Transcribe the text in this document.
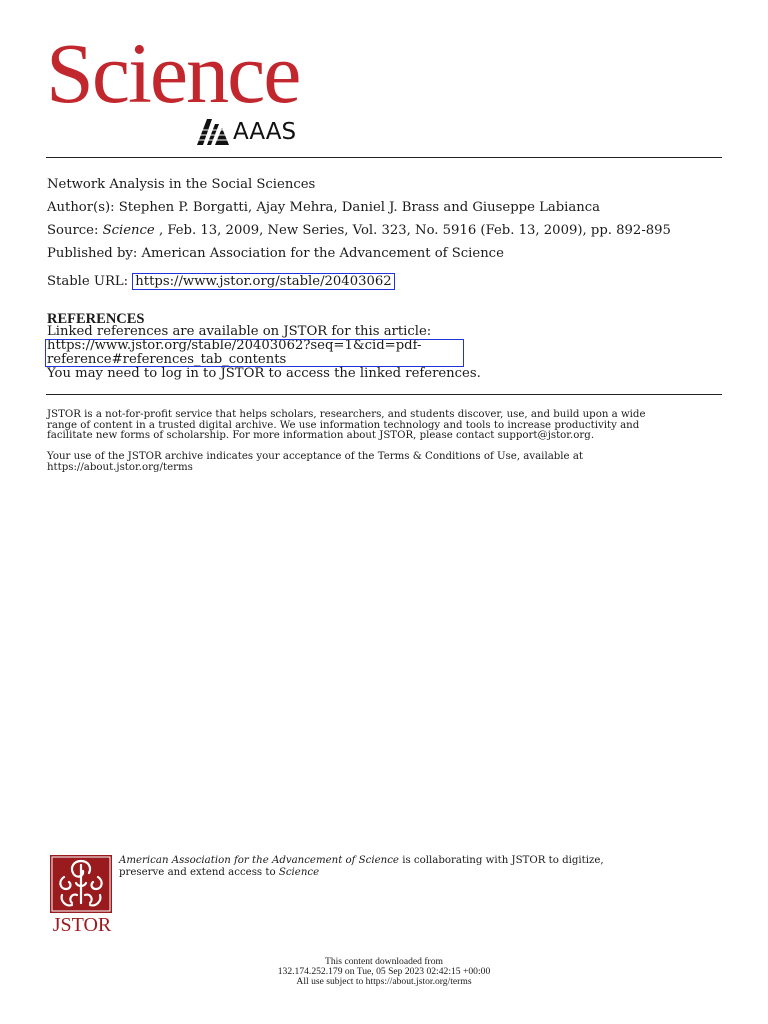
Science
AAAS
Network Analysis in the Social Sciences
Author(s): Stephen P. Borgatti, Ajay Mehra, Daniel J. Brass and Giuseppe Labianca
Source: Science , Feb. 13, 2009, New Series, Vol. 323, No. 5916 (Feb. 13, 2009), pp. 892-895
Published by: American Association for the Advancement of Science
Stable URL: https://www.jstor.org/stable/20403062
REFERENCES
Linked references are available on JSTOR for this article:
https://www.jstor.org/stable/20403062?seq=1&cid=pdf-
reference#references_tab_contents
You may need to log in to JSTOR to access the linked references.
JSTOR is a not-for-profit service that helps scholars, researchers, and students discover, use, and build upon a wide
range of content in a trusted digital archive. We use information technology and tools to increase productivity and
facilitate new forms of scholarship. For more information about JSTOR, please contact support@jstor.org.
Your use of the JSTOR archive indicates your acceptance of the Terms & Conditions of Use, available at
https://about.jstor.org/terms
JSTOR
American Association for the Advancement of Science is collaborating with JSTOR to digitize,
preserve and extend access to Science
This content downloaded from
132.174.252.179 on Tue, 05 Sep 2023 02:42:15 +00:00
All use subject to https://about.jstor.org/terms
